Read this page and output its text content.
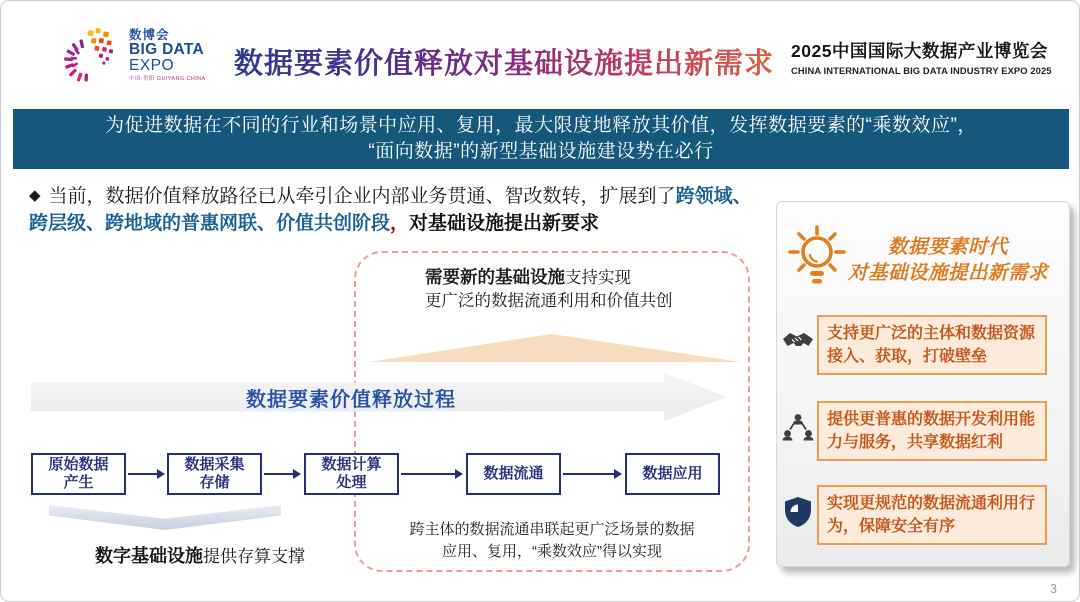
数博会
BIG DATA
EXPO
中国·贵阳 GUIYANG.CHINA 数据要素价值释放对基础设施提出新需求 2025中国国际大数据产业博览会
CHINA INTERNATIONAL BIG DATA INDUSTRY EXPO 2025
为促进数据在不同的行业和场景中应用、复用，最大限度地释放其价值，发挥数据要素的“乘数效应”，
“面向数据”的新型基础设施建设势在必行
◆ 当前，数据价值释放路径已从牵引企业内部业务贯通、智改数转，扩展到了跨领域、跨层级、跨地域的普惠网联、价值共创阶段，对基础设施提出新要求
需要新的基础设施支持实现
更广泛的数据流通利用和价值共创
数据要素价值释放过程
原始数据
产生
数据采集
存储
数据计算
处理
数据流通	数据应用
数字基础设施提供存算支撑
跨主体的数据流通串联起更广泛场景的数据
应用、复用，“乘数效应”得以实现
数据要素时代
对基础设施提出新需求
支持更广泛的主体和数据资源接入、获取，打破壁垒
提供更普惠的数据开发利用能力与服务，共享数据红利
实现更规范的数据流通利用行为，保障安全有序
3
